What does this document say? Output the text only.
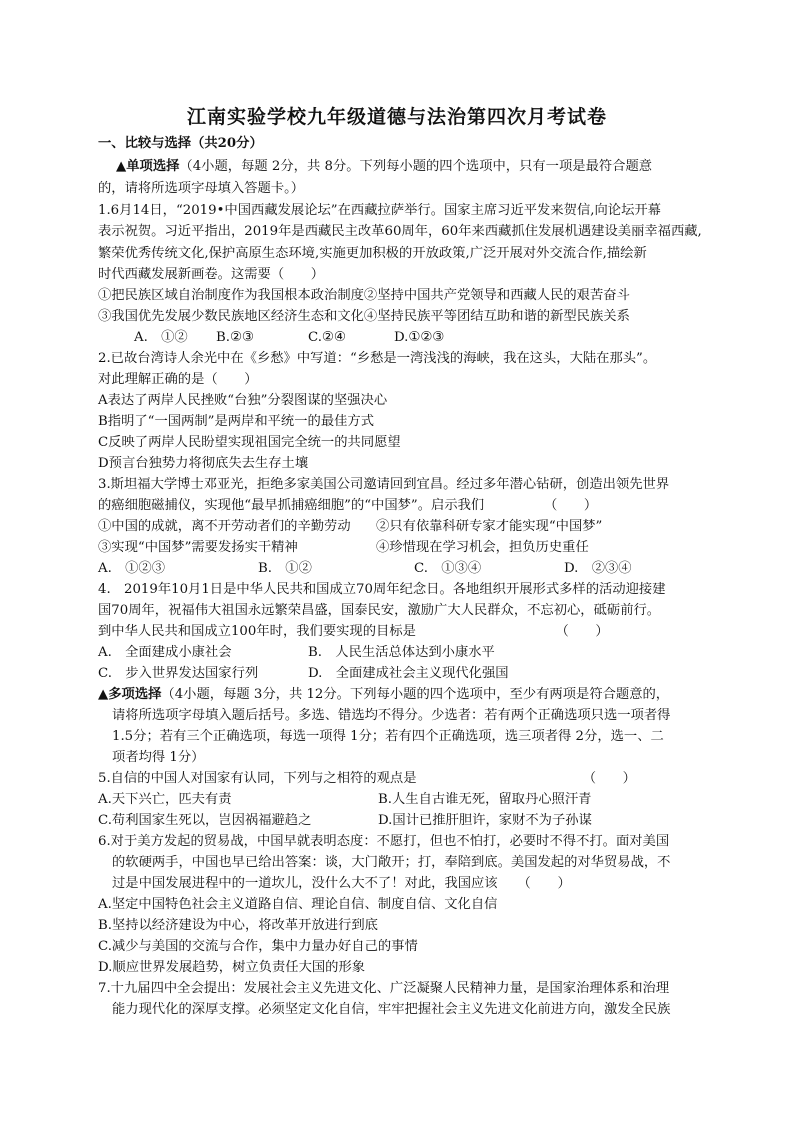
江南实验学校九年级道德与法治第四次月考试卷
一、比较与选择（共20分）
▲单项选择（4小题，每题 2分，共 8分。下列每小题的四个选项中，只有一项是最符合题意
的，请将所选项字母填入答题卡。）
1.6月14日，“2019•中国西藏发展论坛”在西藏拉萨举行。国家主席习近平发来贺信,向论坛开幕
表示祝贺。习近平指出，2019年是西藏民主改革60周年，60年来西藏抓住发展机遇建设美丽幸福西藏,
繁荣优秀传统文化,保护高原生态环境,实施更加积极的开放政策,广泛开展对外交流合作,描绘新
时代西藏发展新画卷。这需要（　　）
①把民族区域自治制度作为我国根本政治制度②坚持中国共产党领导和西藏人民的艰苦奋斗
③我国优先发展少数民族地区经济生态和文化④坚持民族平等团结互助和谐的新型民族关系
A.　①② B.②③	C.②④	D.①②③
2.已故台湾诗人余光中在《乡愁》中写道：“乡愁是一湾浅浅的海峡，我在这头，大陆在那头”。
对此理解正确的是（　　）
A表达了两岸人民挫败“台独”分裂图谋的坚强决心
B指明了“一国两制”是两岸和平统一的最佳方式
C反映了两岸人民盼望实现祖国完全统一的共同愿望
D预言台独势力将彻底失去生存土壤
3.斯坦福大学博士邓亚光，拒绝多家美国公司邀请回到宜昌。经过多年潜心钻研，创造出领先世界
的癌细胞磁捕仪，实现他“最早抓捕癌细胞”的“中国梦”。启示我们　　　　　（　　）
①中国的成就，离不开劳动者们的辛勤劳动 ②只有依靠科研专家才能实现“中国梦”
③实现“中国梦”需要发扬实干精神	④珍惜现在学习机会，担负历史重任
A.　①②③	B.　①②	C.　①③④	D.　②③④
4.　2019年10月1日是中华人民共和国成立70周年纪念日。各地组织开展形式多样的活动迎接建
国70周年，祝福伟大祖国永远繁荣昌盛，国泰民安，激励广大人民群众，不忘初心，砥砺前行。
到中华人民共和国成立100年时，我们要实现的目标是　　　　　　　　　　　（　　）
A.　全面建成小康社会	B.　人民生活总体达到小康水平
C.　步入世界发达国家行列	D.　全面建成社会主义现代化强国
▲多项选择（4小题，每题 3分，共 12分。下列每小题的四个选项中，至少有两项是符合题意的，
请将所选项字母填入题后括号。多选、错选均不得分。少选者：若有两个正确选项只选一项者得
1.5分；若有三个正确选项，每选一项得 1分；若有四个正确选项，选三项者得 2分，选一、二
项者均得 1分）
5.自信的中国人对国家有认同，下列与之相符的观点是　　　　　　　　　　　　　（　　）
A.天下兴亡，匹夫有责	B.人生自古谁无死，留取丹心照汗青
C.苟利国家生死以，岂因祸福避趋之	D.国计已推肝胆许，家财不为子孙谋
6.对于美方发起的贸易战，中国早就表明态度：不愿打，但也不怕打，必要时不得不打。面对美国
的软硬两手，中国也早已给出答案：谈，大门敞开；打，奉陪到底。美国发起的对华贸易战，不
过是中国发展进程中的一道坎儿，没什么大不了！对此，我国应该　　（　　）
A.坚定中国特色社会主义道路自信、理论自信、制度自信、文化自信
B.坚持以经济建设为中心，将改革开放进行到底
C.减少与美国的交流与合作，集中力量办好自己的事情
D.顺应世界发展趋势，树立负责任大国的形象
7.十九届四中全会提出：发展社会主义先进文化、广泛凝聚人民精神力量，是国家治理体系和治理
能力现代化的深厚支撑。必须坚定文化自信，牢牢把握社会主义先进文化前进方向，激发全民族
